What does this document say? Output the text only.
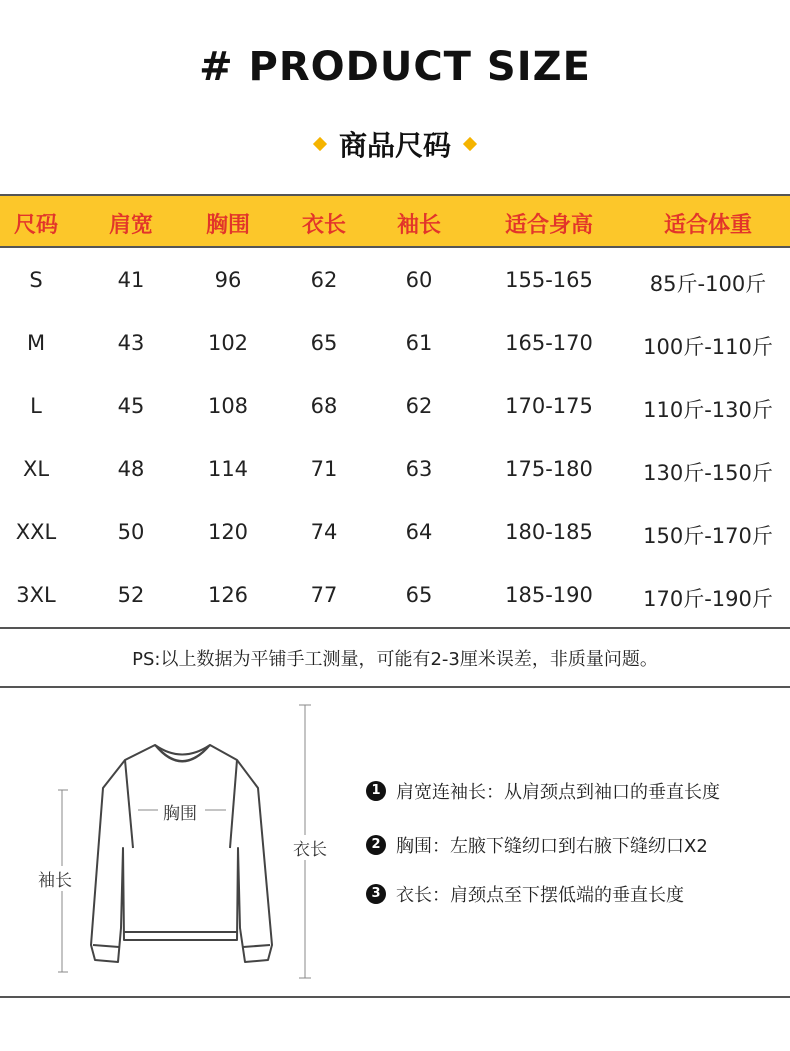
# PRODUCT SIZE
商品尺码
尺码 肩宽 胸围 衣长 袖长	适合身高	适合体重
S	41	96	62	60	155-165	85斤-100斤
M	43	102	65	61	165-170 100斤-110斤
L	45	108	68	62	170-175 110斤-130斤
XL	48	114	71	63	175-180 130斤-150斤
XXL	50	120	74	64	180-185 150斤-170斤
3XL	52	126	77	65	185-190 170斤-190斤
PS:以上数据为平铺手工测量，可能有2-3厘米误差，非质量问题。
胸围
衣长
袖长
1 肩宽连袖长：从肩颈点到袖口的垂直长度
2 胸围：左腋下缝纫口到右腋下缝纫口X2
3 衣长：肩颈点至下摆低端的垂直长度
